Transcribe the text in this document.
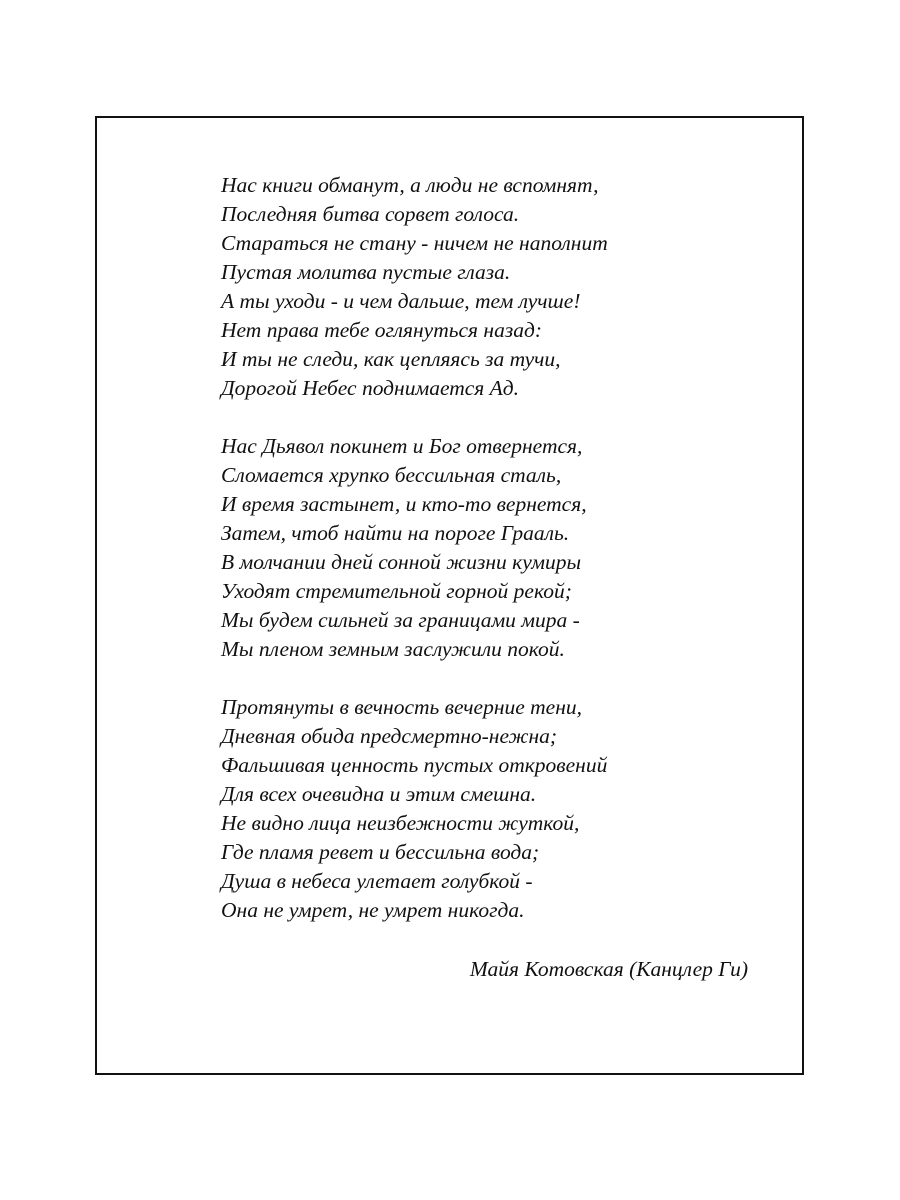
Нас книги обманут, а люди не вспомнят,
Последняя битва сорвет голоса.
Стараться не стану - ничем не наполнит
Пустая молитва пустые глаза.
А ты уходи - и чем дальше, тем лучше!
Нет права тебе оглянуться назад:
И ты не следи, как цепляясь за тучи,
Дорогой Небес поднимается Ад.
Нас Дьявол покинет и Бог отвернется,
Сломается хрупко бессильная сталь,
И время застынет, и кто-то вернется,
Затем, чтоб найти на пороге Грааль.
В молчании дней сонной жизни кумиры
Уходят стремительной горной рекой;
Мы будем сильней за границами мира -
Мы пленом земным заслужили покой.
Протянуты в вечность вечерние тени,
Дневная обида предсмертно-нежна;
Фальшивая ценность пустых откровений
Для всех очевидна и этим смешна.
Не видно лица неизбежности жуткой,
Где пламя ревет и бессильна вода;
Душа в небеса улетает голубкой -
Она не умрет, не умрет никогда.
Майя Котовская (Канцлер Ги)
